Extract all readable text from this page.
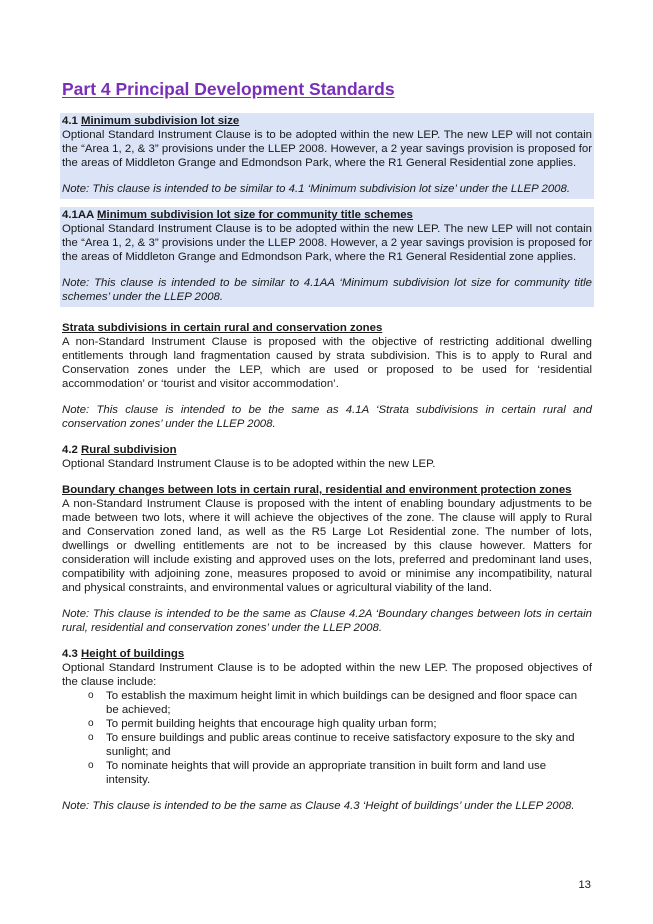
Part 4 Principal Development Standards

4.1 Minimum subdivision lot size

Optional Standard Instrument Clause is to be adopted within the new LEP. The new LEP will not contain the “Area 1, 2, & 3” provisions under the LLEP 2008. However, a 2 year savings provision is proposed for the areas of Middleton Grange and Edmondson Park, where the R1 General Residential zone applies.

Note: This clause is intended to be similar to 4.1 ‘Minimum subdivision lot size’ under the LLEP 2008.

4.1AA Minimum subdivision lot size for community title schemes

Optional Standard Instrument Clause is to be adopted within the new LEP. The new LEP will not contain the “Area 1, 2, & 3” provisions under the LLEP 2008. However, a 2 year savings provision is proposed for the areas of Middleton Grange and Edmondson Park, where the R1 General Residential zone applies.

Note: This clause is intended to be similar to 4.1AA ‘Minimum subdivision lot size for community title schemes’ under the LLEP 2008.

Strata subdivisions in certain rural and conservation zones

A non-Standard Instrument Clause is proposed with the objective of restricting additional dwelling entitlements through land fragmentation caused by strata subdivision. This is to apply to Rural and Conservation zones under the LEP, which are used or proposed to be used for ‘residential accommodation’ or ‘tourist and visitor accommodation’.

Note: This clause is intended to be the same as 4.1A ‘Strata subdivisions in certain rural and conservation zones’ under the LLEP 2008.

4.2 Rural subdivision

Optional Standard Instrument Clause is to be adopted within the new LEP.

Boundary changes between lots in certain rural, residential and environment protection zones

A non-Standard Instrument Clause is proposed with the intent of enabling boundary adjustments to be made between two lots, where it will achieve the objectives of the zone. The clause will apply to Rural and Conservation zoned land, as well as the R5 Large Lot Residential zone. The number of lots, dwellings or dwelling entitlements are not to be increased by this clause however. Matters for consideration will include existing and approved uses on the lots, preferred and predominant land uses, compatibility with adjoining zone, measures proposed to avoid or minimise any incompatibility, natural and physical constraints, and environmental values or agricultural viability of the land.

Note: This clause is intended to be the same as Clause 4.2A ‘Boundary changes between lots in certain rural, residential and conservation zones’ under the LLEP 2008.

4.3 Height of buildings

Optional Standard Instrument Clause is to be adopted within the new LEP. The proposed objectives of the clause include:

o To establish the maximum height limit in which buildings can be designed and floor space can be achieved;
o To permit building heights that encourage high quality urban form;
o To ensure buildings and public areas continue to receive satisfactory exposure to the sky and sunlight; and
o To nominate heights that will provide an appropriate transition in built form and land use intensity.

Note: This clause is intended to be the same as Clause 4.3 ‘Height of buildings’ under the LLEP 2008.

13
